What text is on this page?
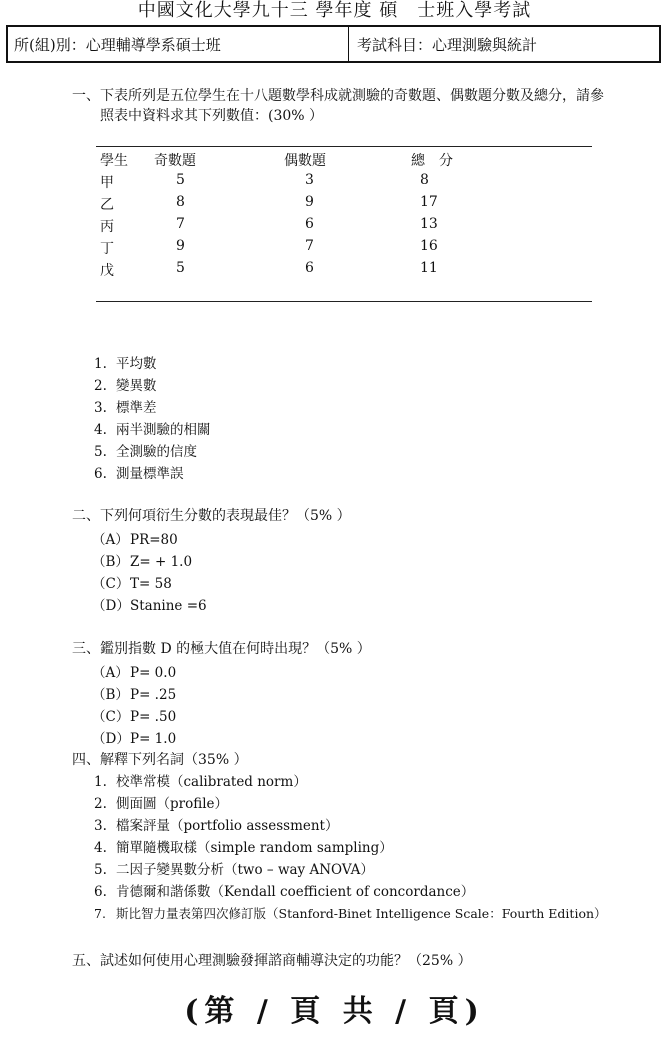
中國文化大學九十三 學年度 碩　士班入學考試
所(組)別：心理輔導學系碩士班	考試科目：心理測驗與統計
一、下表所列是五位學生在十八題數學科成就測驗的奇數題、偶數題分數及總分，請參
照表中資料求其下列數值：(30% ）
學生 奇數題	偶數題	總　分
甲	5	3	8
乙	8	9	17
丙	7	6	13
丁	9	7	16
戊	5	6	11
1. 平均數
2. 變異數
3. 標準差
4. 兩半測驗的相關
5. 全測驗的信度
6. 測量標準誤
二、下列何項衍生分數的表現最佳？（5% ）
（A）PR=80
（B）Z= + 1.0
（C）T= 58
（D）Stanine =6
三、鑑別指數 D 的極大值在何時出現？（5% ）
（A）P= 0.0
（B）P= .25
（C）P= .50
（D）P= 1.0
四、解釋下列名詞（35% ）
1. 校準常模（calibrated norm）
2. 側面圖（profile）
3. 檔案評量（portfolio assessment）
4. 簡單隨機取樣（simple random sampling）
5. 二因子變異數分析（two – way ANOVA）
6. 肯德爾和諧係數（Kendall coefficient of concordance）
7. 斯比智力量表第四次修訂版（Stanford-Binet Intelligence Scale：Fourth Edition）
五、試述如何使用心理測驗發揮諮商輔導決定的功能？（25% ）
(第 / 頁 共 / 頁)
